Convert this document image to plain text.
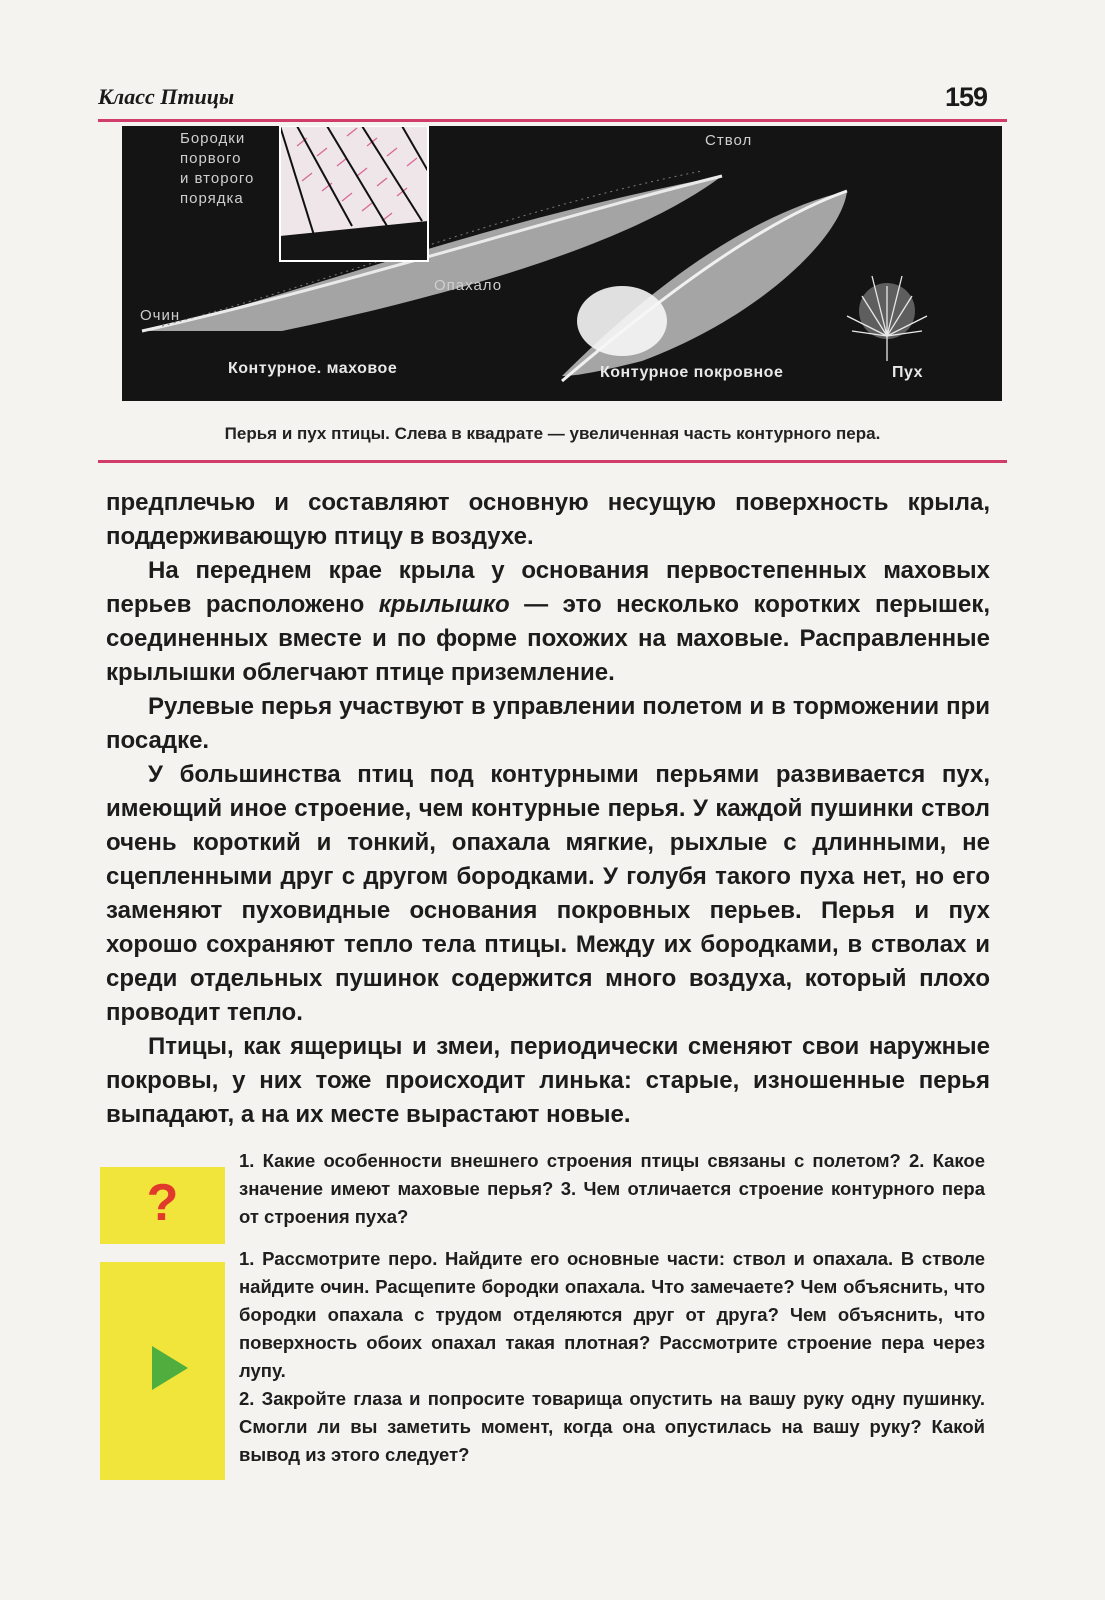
Класс Птицы	159
Бородки
порвого
и второго
порядка
Ствол
Опахало
Очин
Контурное. маховое	Контурное покровное	Пух
Перья и пух птицы. Слева в квадрате — увеличенная часть контурного пера.

предплечью и составляют основную несущую поверхность крыла, поддерживающую птицу в воздухе.

На переднем крае крыла у основания первостепенных маховых перьев расположено крылышко — это несколько коротких перышек, соединенных вместе и по форме похожих на маховые. Расправленные крылышки облегчают птице приземление.

Рулевые перья участвуют в управлении полетом и в торможении при посадке.

У большинства птиц под контурными перьями развивается пух, имеющий иное строение, чем контурные перья. У каждой пушинки ствол очень короткий и тонкий, опахала мягкие, рыхлые с длинными, не сцепленными друг с другом бородками. У голубя такого пуха нет, но его заменяют пуховидные основания покровных перьев. Перья и пух хорошо сохраняют тепло тела птицы. Между их бородками, в стволах и среди отдельных пушинок содержится много воздуха, который плохо проводит тепло.

Птицы, как ящерицы и змеи, периодически сменяют свои наружные покровы, у них тоже происходит линька: старые, изношенные перья выпадают, а на их месте вырастают новые.

?
1. Какие особенности внешнего строения птицы связаны с полетом? 2. Какое значение имеют маховые перья? 3. Чем отличается строение контурного пера от строения пуха?

1. Рассмотрите перо. Найдите его основные части: ствол и опахала. В стволе найдите очин. Расщепите бородки опахала. Что замечаете? Чем объяснить, что бородки опахала с трудом отделяются друг от друга? Чем объяснить, что поверхность обоих опахал такая плотная? Рассмотрите строение пера через лупу.

2. Закройте глаза и попросите товарища опустить на вашу руку одну пушинку. Смогли ли вы заметить момент, когда она опустилась на вашу руку? Какой вывод из этого следует?
